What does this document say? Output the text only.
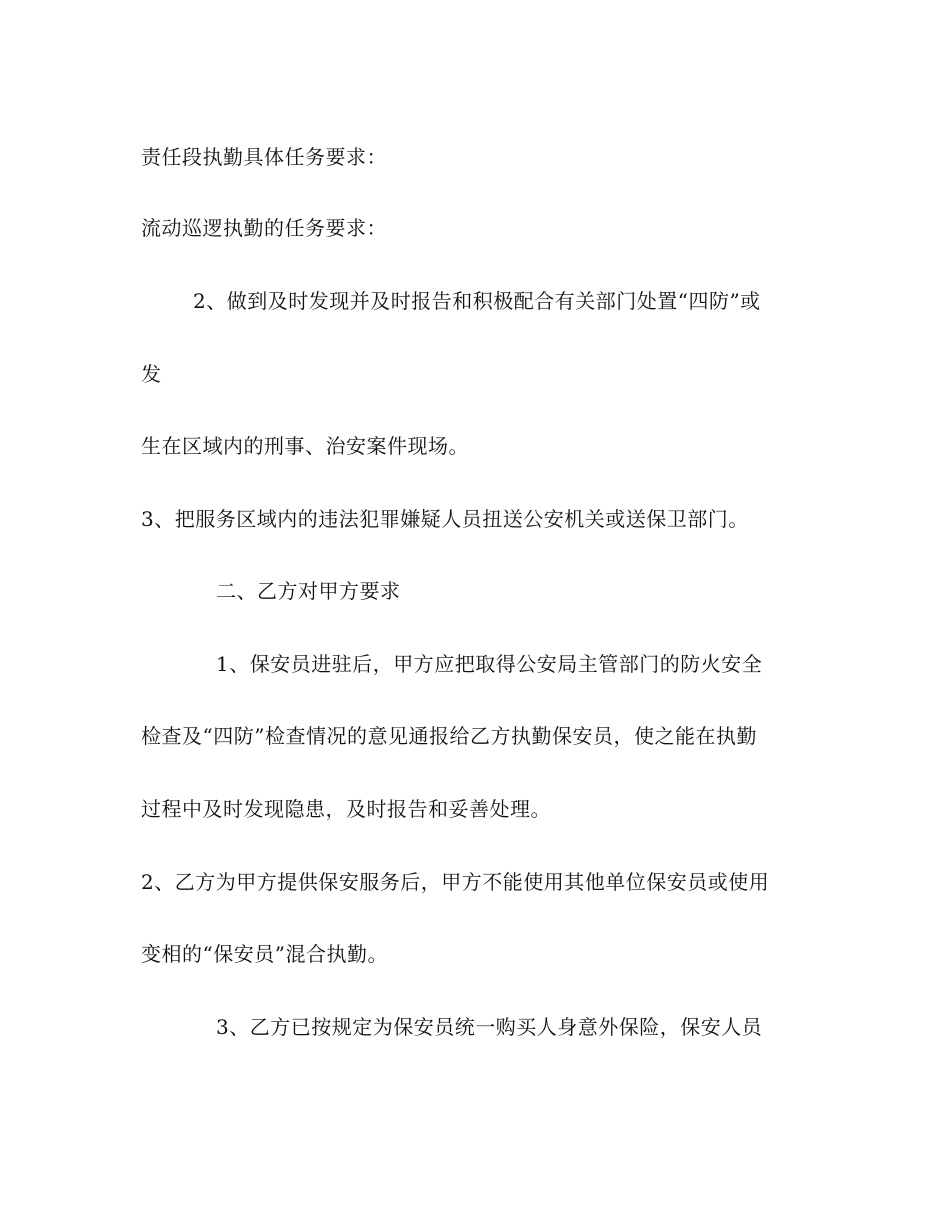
责任段执勤具体任务要求：
流动巡逻执勤的任务要求：
2、做到及时发现并及时报告和积极配合有关部门处置“四防”或
发
生在区域内的刑事、治安案件现场。
3、把服务区域内的违法犯罪嫌疑人员扭送公安机关或送保卫部门。
二、乙方对甲方要求
1、保安员进驻后，甲方应把取得公安局主管部门的防火安全
检查及“四防”检查情况的意见通报给乙方执勤保安员，使之能在执勤
过程中及时发现隐患，及时报告和妥善处理。
2、乙方为甲方提供保安服务后，甲方不能使用其他单位保安员或使用
变相的“保安员”混合执勤。
3、乙方已按规定为保安员统一购买人身意外保险，保安人员
